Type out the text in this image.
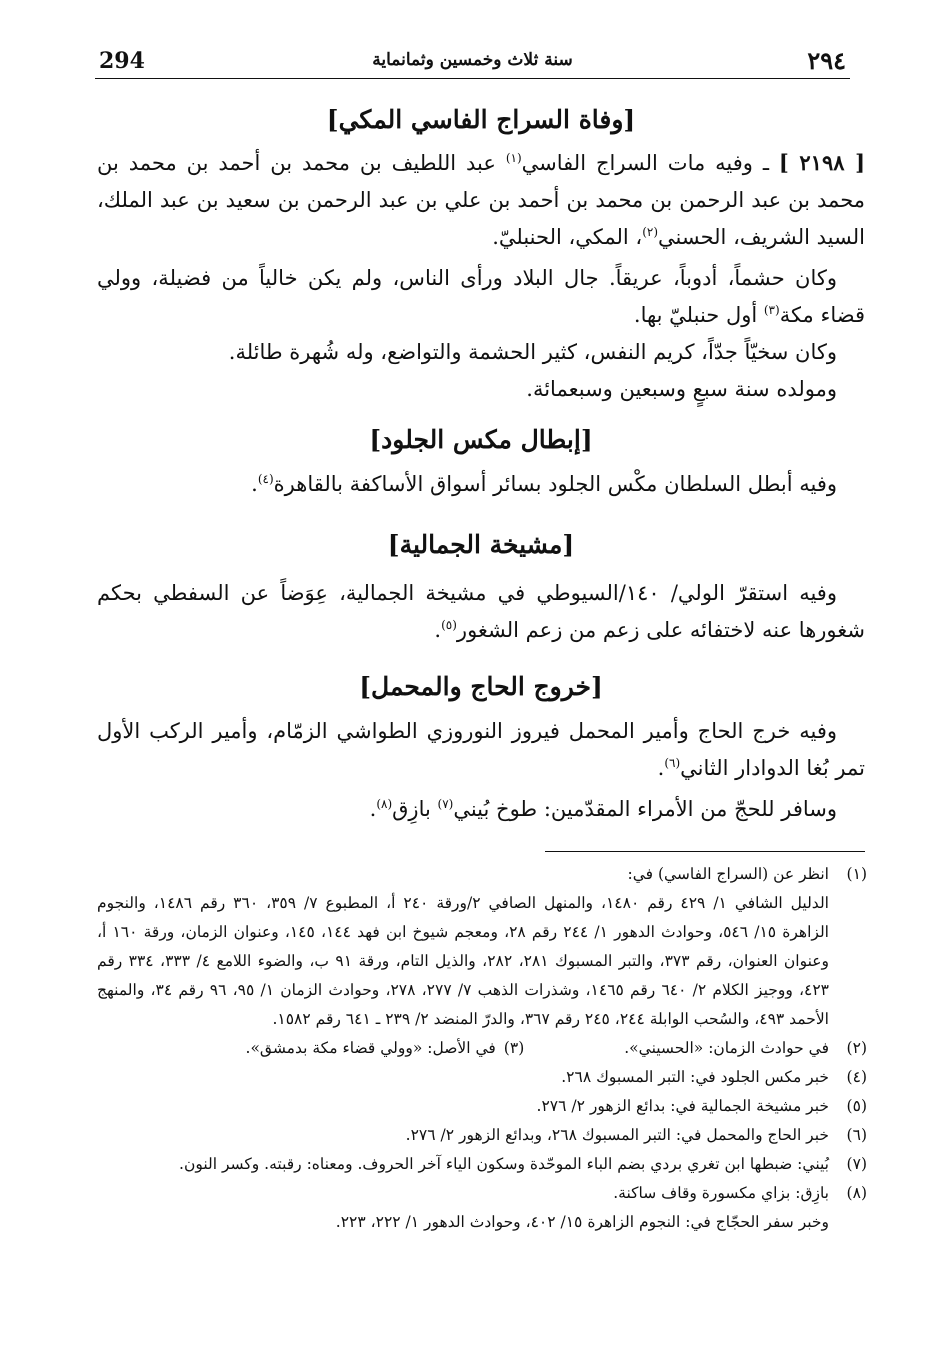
294	سنة ثلاث وخمسين وثمانماية	٢٩٤
[وفاة السراج الفاسي المكي]

[ ٢١٩٨ ] ـ وفيه مات السراج الفاسي$^{(١)}$ عبد اللطيف بن محمد بن أحمد بن محمد بن محمد بن عبد الرحمن بن محمد بن أحمد بن علي بن عبد الرحمن بن سعيد بن عبد الملك، السيد الشريف، الحسني$^{(٢)}$، المكي، الحنبليّ.

وكان حشماً، أدوباً، عريقاً. جال البلاد ورأى الناس، ولم يكن خالياً من فضيلة، وولي قضاء مكة$^{(٣)}$ أول حنبليّ بها.

وكان سخيّاً جدّاً، كريم النفس، كثير الحشمة والتواضع، وله شُهرة طائلة.

ومولده سنة سبعٍ وسبعين وسبعمائة.

[إبطال مكس الجلود]

وفيه أبطل السلطان مكْس الجلود بسائر أسواق الأساكفة بالقاهرة$^{(٤)}$.

[مشيخة الجمالية]

وفيه استقرّ الولي/ ١٤٠/السيوطي في مشيخة الجمالية، عِوَضاً عن السفطي بحكم شغورها عنه لاختفائه على زعم من زعم الشغور$^{(٥)}$.

[خروج الحاج والمحمل]

وفيه خرج الحاج وأمير المحمل فيروز النوروزي الطواشي الزمّام، وأمير الركب الأول تمر بُغا الدوادار الثاني$^{(٦)}$.

وسافر للحجّ من الأمراء المقدّمين: طوخ بُيني$^{(٧)}$ بازِق$^{(٨)}$.

(١)
انظر عن (السراج الفاسي) في:

الدليل الشافي ١/ ٤٢٩ رقم ١٤٨٠، والمنهل الصافي ٢/ورقة ٢٤٠ أ، المطبوع ٧/ ٣٥٩، ٣٦٠ رقم ١٤٨٦، والنجوم الزاهرة ١٥/ ٥٤٦، وحوادث الدهور ١/ ٢٤٤ رقم ٢٨، ومعجم شيوخ ابن فهد ١٤٤، ١٤٥، وعنوان الزمان، ورقة ١٦٠ أ، وعنوان العنوان، رقم ٣٧٣، والتبر المسبوك ٢٨١، ٢٨٢، والذيل التام، ورقة ٩١ ب، والضوء اللامع ٤/ ٣٣٣، ٣٣٤ رقم ٤٢٣، ووجيز الكلام ٢/ ٦٤٠ رقم ١٤٦٥، وشذرات الذهب ٧/ ٢٧٧، ٢٧٨، وحوادث الزمان ١/ ٩٥، ٩٦ رقم ٣٤، والمنهج الأحمد ٤٩٣، والسُحب الوابلة ٢٤٤، ٢٤٥ رقم ٣٦٧، والدرّ المنضد ٢/ ٢٣٩ ـ ٦٤١ رقم ١٥٨٢.

(٢)
في حوادث الزمان: «الحسيني».
(٣)
في الأصل: «وولي قضاء مكة بدمشق».
(٤)
خبر مكس الجلود في: التبر المسبوك ٢٦٨.
(٥)
خبر مشيخة الجمالية في: بدائع الزهور ٢/ ٢٧٦.
(٦)
خبر الحاج والمحمل في: التبر المسبوك ٢٦٨، وبدائع الزهور ٢/ ٢٧٦.
(٧)
بُيني: ضبطها ابن تغري بردي بضم الباء الموحّدة وسكون الياء آخر الحروف. ومعناه: رقبته. وكسر النون.
(٨)
بازِق: بزاي مكسورة وقاف ساكنة.

وخبر سفر الحجّاج في: النجوم الزاهرة ١٥/ ٤٠٢، وحوادث الدهور ١/ ٢٢٢، ٢٢٣.
